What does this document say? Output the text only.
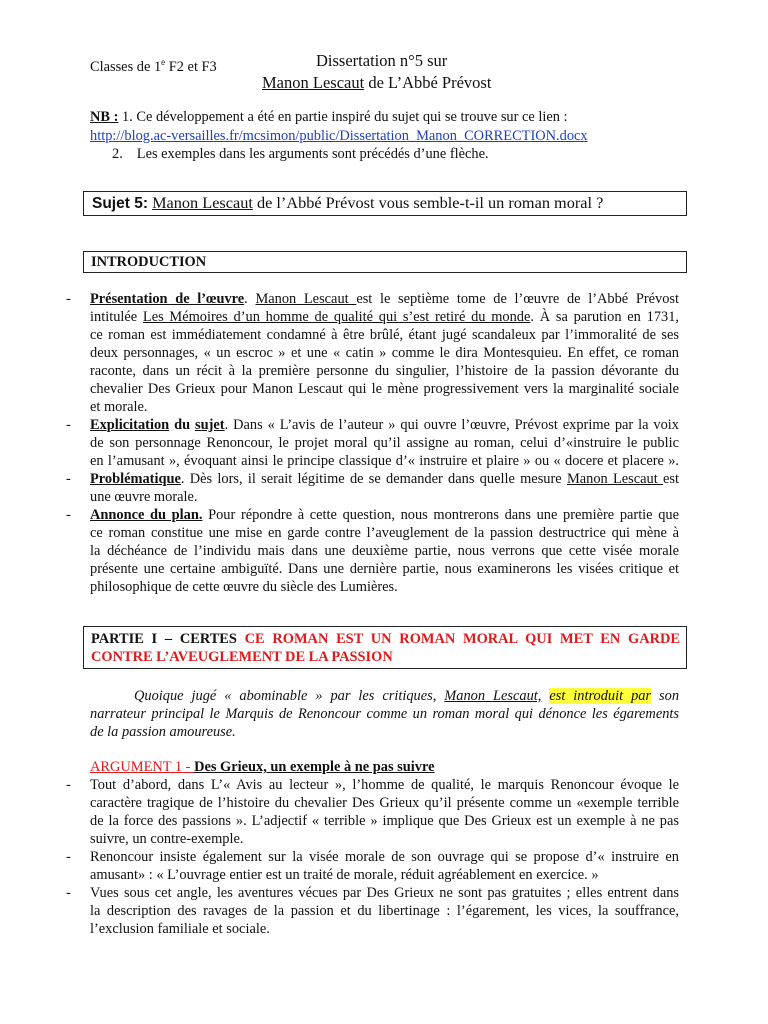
Classes de 1e F2 et F3	Dissertation n°5 sur
Manon Lescaut de L’Abbé Prévost
NB : 1. Ce développement a été en partie inspiré du sujet qui se trouve sur ce lien :
http://blog.ac-versailles.fr/mcsimon/public/Dissertation_Manon_CORRECTION.docx
2. Les exemples dans les arguments sont précédés d’une flèche.
Sujet 5: Manon Lescaut de l’Abbé Prévost vous semble-t-il un roman moral ?
INTRODUCTION
- Présentation de l’œuvre. Manon Lescaut est le septième tome de l’œuvre de l’Abbé Prévost
intitulée Les Mémoires d’un homme de qualité qui s’est retiré du monde. À sa parution en 1731,
ce roman est immédiatement condamné à être brûlé, étant jugé scandaleux par l’immoralité de ses
deux personnages, « un escroc » et une « catin » comme le dira Montesquieu. En effet, ce roman
raconte, dans un récit à la première personne du singulier, l’histoire de la passion dévorante du
chevalier Des Grieux pour Manon Lescaut qui le mène progressivement vers la marginalité sociale
et morale.
- Explicitation du sujet. Dans « L’avis de l’auteur » qui ouvre l’œuvre, Prévost exprime par la voix
de son personnage Renoncour, le projet moral qu’il assigne au roman, celui d’«instruire le public
en l’amusant », évoquant ainsi le principe classique d’« instruire et plaire » ou « docere et placere ».
- Problématique. Dès lors, il serait légitime de se demander dans quelle mesure Manon Lescaut est
une œuvre morale.
- Annonce du plan. Pour répondre à cette question, nous montrerons dans une première partie que
ce roman constitue une mise en garde contre l’aveuglement de la passion destructrice qui mène à
la déchéance de l’individu mais dans une deuxième partie, nous verrons que cette visée morale
présente une certaine ambiguïté. Dans une dernière partie, nous examinerons les visées critique et
philosophique de cette œuvre du siècle des Lumières.
PARTIE I – CERTES CE ROMAN EST UN ROMAN MORAL QUI MET EN GARDE
CONTRE L’AVEUGLEMENT DE LA PASSION
Quoique jugé « abominable » par les critiques, Manon Lescaut, est introduit par son
narrateur principal le Marquis de Renoncour comme un roman moral qui dénonce les égarements
de la passion amoureuse.
ARGUMENT 1 - Des Grieux, un exemple à ne pas suivre
- Tout d’abord, dans L’« Avis au lecteur », l’homme de qualité, le marquis Renoncour évoque le
caractère tragique de l’histoire du chevalier Des Grieux qu’il présente comme un «exemple terrible
de la force des passions ». L’adjectif « terrible » implique que Des Grieux est un exemple à ne pas
suivre, un contre-exemple.
- Renoncour insiste également sur la visée morale de son ouvrage qui se propose d’« instruire en
amusant» : « L’ouvrage entier est un traité de morale, réduit agréablement en exercice. »
- Vues sous cet angle, les aventures vécues par Des Grieux ne sont pas gratuites ; elles entrent dans
la description des ravages de la passion et du libertinage : l’égarement, les vices, la souffrance,
l’exclusion familiale et sociale.
